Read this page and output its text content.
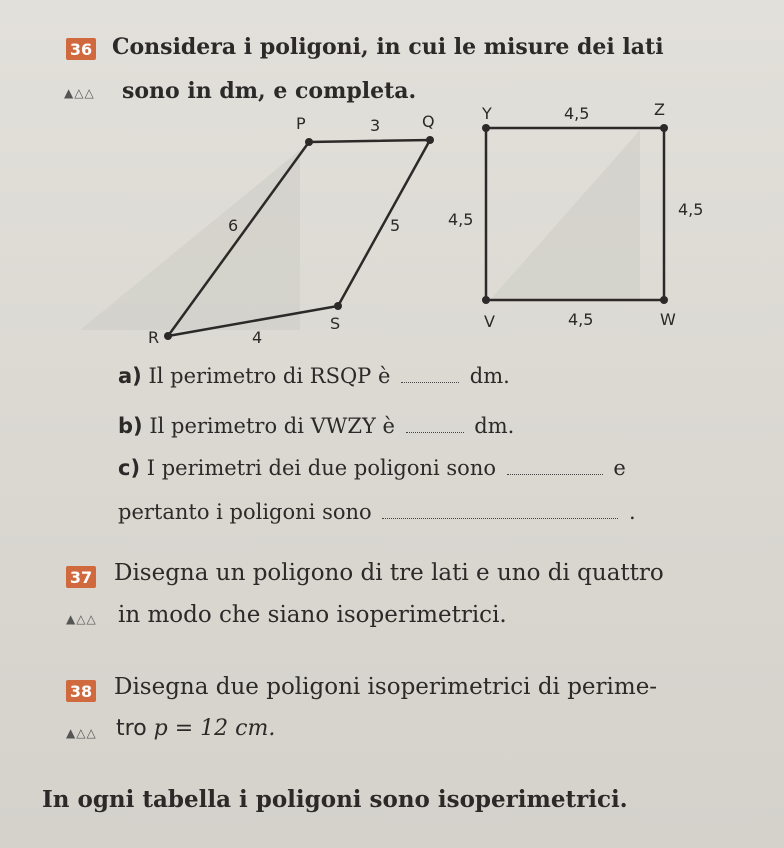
36 Considera i poligoni, in cui le misure dei lati
▲△△ sono in dm, e completa.
P	3	Q
6	5
R	4
S
Y	4,5	Z
4,5
4,5
V	4,5	W
a) Il perimetro di RSQP è	dm.
b) Il perimetro di VWZY è	dm.
c) I perimetri dei due poligoni sono	e
pertanto i poligoni sono	.
37 Disegna un poligono di tre lati e uno di quattro
▲△△ in modo che siano isoperimetrici.
38 Disegna due poligoni isoperimetrici di perime-
▲△△ tro p = 12 cm.
In ogni tabella i poligoni sono isoperimetrici.
